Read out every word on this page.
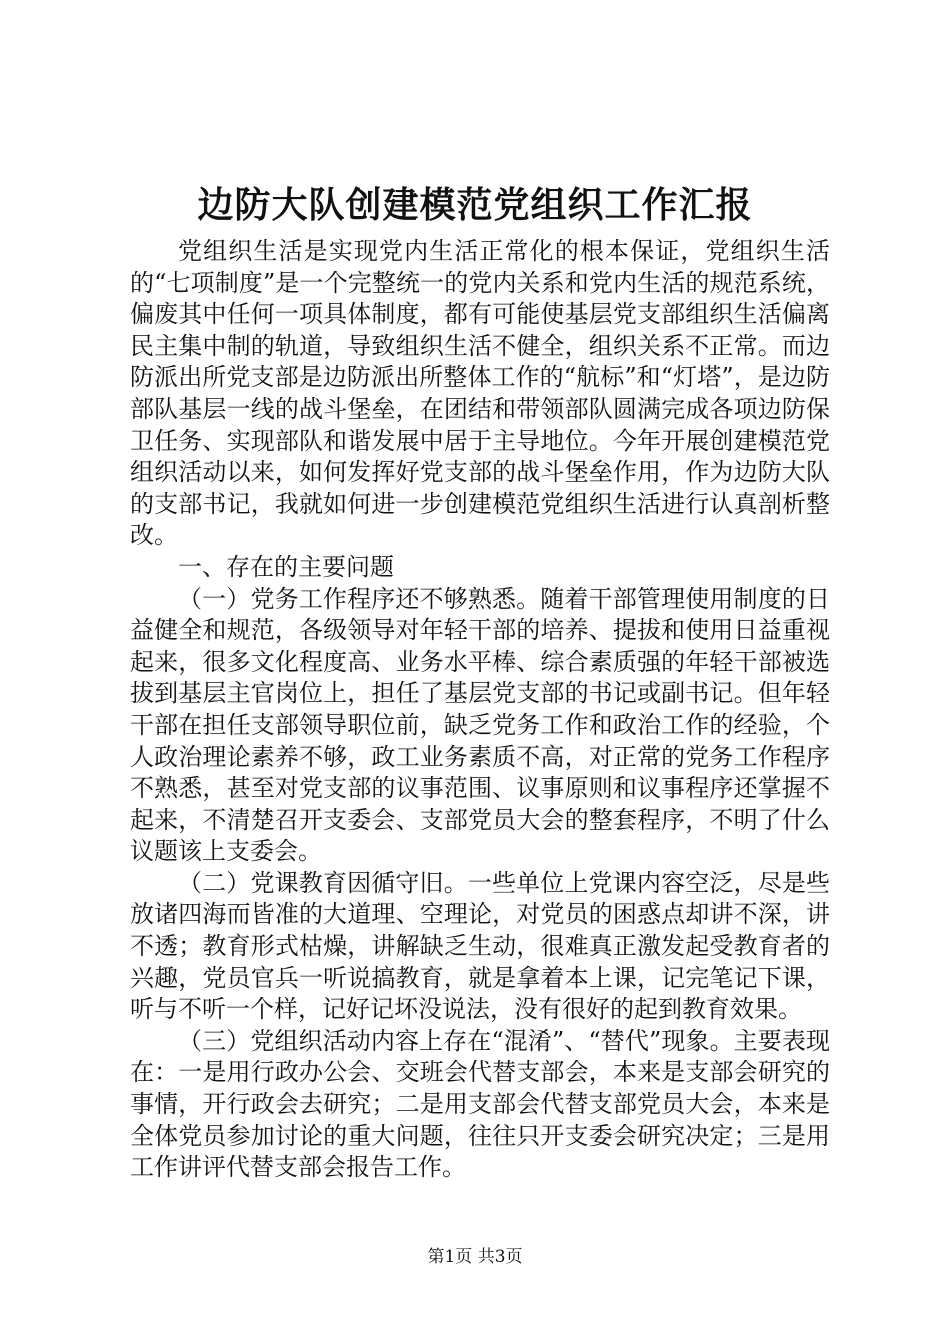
边防大队创建模范党组织工作汇报

党组织生活是实现党内生活正常化的根本保证，党组织生活的“七项制度”是一个完整统一的党内关系和党内生活的规范系统，偏废其中任何一项具体制度，都有可能使基层党支部组织生活偏离民主集中制的轨道，导致组织生活不健全，组织关系不正常。而边防派出所党支部是边防派出所整体工作的“航标”和“灯塔”，是边防部队基层一线的战斗堡垒，在团结和带领部队圆满完成各项边防保卫任务、实现部队和谐发展中居于主导地位。今年开展创建模范党组织活动以来，如何发挥好党支部的战斗堡垒作用，作为边防大队的支部书记，我就如何进一步创建模范党组织生活进行认真剖析整改。

一、存在的主要问题

（一）党务工作程序还不够熟悉。随着干部管理使用制度的日益健全和规范，各级领导对年轻干部的培养、提拔和使用日益重视起来，很多文化程度高、业务水平棒、综合素质强的年轻干部被选拔到基层主官岗位上，担任了基层党支部的书记或副书记。但年轻干部在担任支部领导职位前，缺乏党务工作和政治工作的经验，个人政治理论素养不够，政工业务素质不高，对正常的党务工作程序不熟悉，甚至对党支部的议事范围、议事原则和议事程序还掌握不起来，不清楚召开支委会、支部党员大会的整套程序，不明了什么议题该上支委会。

（二）党课教育因循守旧。一些单位上党课内容空泛，尽是些放诸四海而皆准的大道理、空理论，对党员的困惑点却讲不深，讲不透；教育形式枯燥，讲解缺乏生动，很难真正激发起受教育者的兴趣，党员官兵一听说搞教育，就是拿着本上课，记完笔记下课，听与不听一个样，记好记坏没说法，没有很好的起到教育效果。

（三）党组织活动内容上存在“混淆”、“替代”现象。主要表现在：一是用行政办公会、交班会代替支部会，本来是支部会研究的事情，开行政会去研究；二是用支部会代替支部党员大会，本来是全体党员参加讨论的重大问题，往往只开支委会研究决定；三是用工作讲评代替支部会报告工作。

第1页 共3页
